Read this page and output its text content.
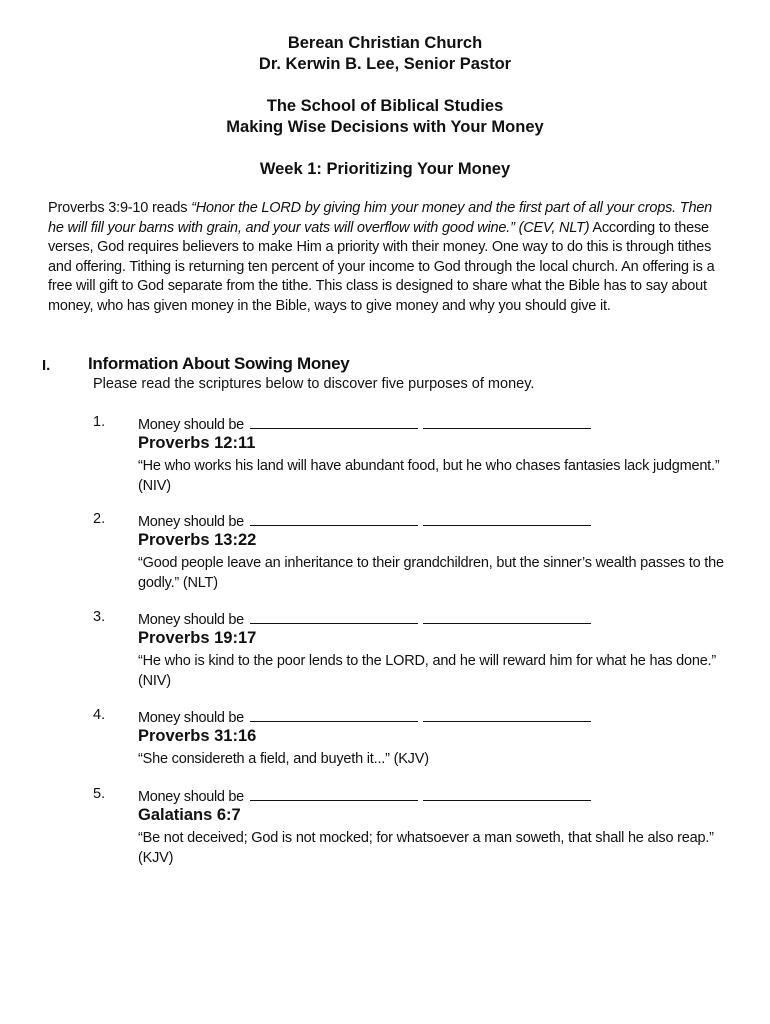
Berean Christian Church
Dr. Kerwin B. Lee, Senior Pastor
The School of Biblical Studies
Making Wise Decisions with Your Money
Week 1: Prioritizing Your Money
Proverbs 3:9-10 reads “Honor the LORD by giving him your money and the first part of all your crops. Then he will fill your barns with grain, and your vats will overflow with good wine.” (CEV, NLT) According to these verses, God requires believers to make Him a priority with their money. One way to do this is through tithes and offering. Tithing is returning ten percent of your income to God through the local church. An offering is a free will gift to God separate from the tithe. This class is designed to share what the Bible has to say about money, who has given money in the Bible, ways to give money and why you should give it.
I. Information About Sowing Money
Please read the scriptures below to discover five purposes of money.
1. Money should be
Proverbs 12:11
“He who works his land will have abundant food, but he who chases fantasies lack judgment.” (NIV)
2. Money should be
Proverbs 13:22
“Good people leave an inheritance to their grandchildren, but the sinner’s wealth passes to the godly.” (NLT)
3. Money should be
Proverbs 19:17
“He who is kind to the poor lends to the LORD, and he will reward him for what he has done.” (NIV)
4. Money should be
Proverbs 31:16
“She considereth a field, and buyeth it...” (KJV)
5. Money should be
Galatians 6:7
“Be not deceived; God is not mocked; for whatsoever a man soweth, that shall he also reap.” (KJV)
